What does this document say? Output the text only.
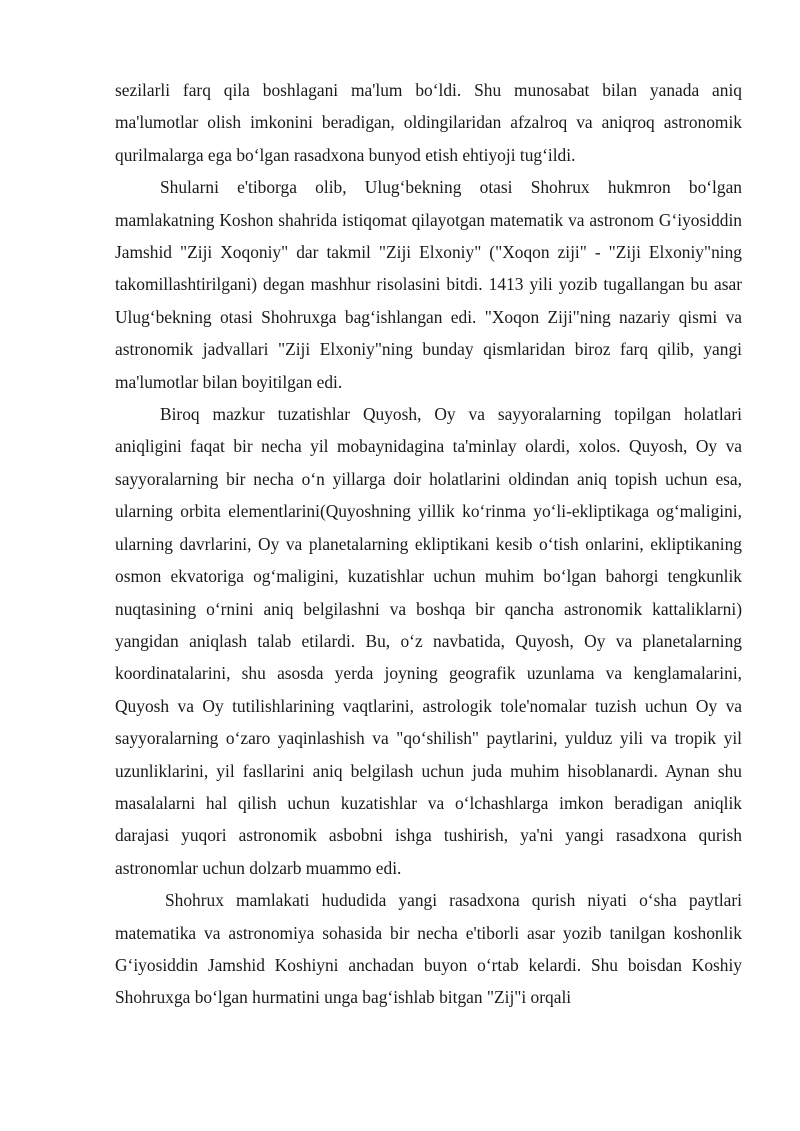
sezilarli farq qila boshlagani ma'lum bo‘ldi. Shu munosabat bilan yanada aniq ma'lumotlar olish imkonini beradigan, oldingilaridan afzalroq va aniqroq astronomik qurilmalarga ega bo‘lgan rasadxona bunyod etish ehtiyoji tug‘ildi.

Shularni e'tiborga olib, Ulug‘bekning otasi Shohrux hukmron bo‘lgan mamlakatning Koshon shahrida istiqomat qilayotgan matematik va astronom G‘iyosiddin Jamshid "Ziji Xoqoniy" dar takmil "Ziji Elxoniy" ("Xoqon ziji" - "Ziji Elxoniy"ning takomillashtirilgani) degan mashhur risolasini bitdi. 1413 yili yozib tugallangan bu asar Ulug‘bekning otasi Shohruxga bag‘ishlangan edi. "Xoqon Ziji"ning nazariy qismi va astronomik jadvallari "Ziji Elxoniy"ning bunday qismlaridan biroz farq qilib, yangi ma'lumotlar bilan boyitilgan edi.

Biroq mazkur tuzatishlar Quyosh, Oy va sayyoralarning topilgan holatlari aniqligini faqat bir necha yil mobaynidagina ta'minlay olardi, xolos. Quyosh, Oy va sayyoralarning bir necha o‘n yillarga doir holatlarini oldindan aniq topish uchun esa, ularning orbita elementlarini(Quyoshning yillik ko‘rinma yo‘li-ekliptikaga og‘maligini, ularning davrlarini, Oy va planetalarning ekliptikani kesib o‘tish onlarini, ekliptikaning osmon ekvatoriga og‘maligini, kuzatishlar uchun muhim bo‘lgan bahorgi tengkunlik nuqtasining o‘rnini aniq belgilashni va boshqa bir qancha astronomik kattaliklarni) yangidan aniqlash talab etilardi. Bu, o‘z navbatida, Quyosh, Oy va planetalarning koordinatalarini, shu asosda yerda joyning geografik uzunlama va kenglamalarini, Quyosh va Oy tutilishlarining vaqtlarini, astrologik tole'nomalar tuzish uchun Oy va sayyoralarning o‘zaro yaqinlashish va "qo‘shilish" paytlarini, yulduz yili va tropik yil uzunliklarini, yil fasllarini aniq belgilash uchun juda muhim hisoblanardi. Aynan shu masalalarni hal qilish uchun kuzatishlar va o‘lchashlarga imkon beradigan aniqlik darajasi yuqori astronomik asbobni ishga tushirish, ya'ni yangi rasadxona qurish astronomlar uchun dolzarb muammo edi.

Shohrux mamlakati hududida yangi rasadxona qurish niyati o‘sha paytlari matematika va astronomiya sohasida bir necha e'tiborli asar yozib tanilgan koshonlik G‘iyosiddin Jamshid Koshiyni anchadan buyon o‘rtab kelardi. Shu boisdan Koshiy Shohruxga bo‘lgan hurmatini unga bag‘ishlab bitgan "Zij"i orqali
